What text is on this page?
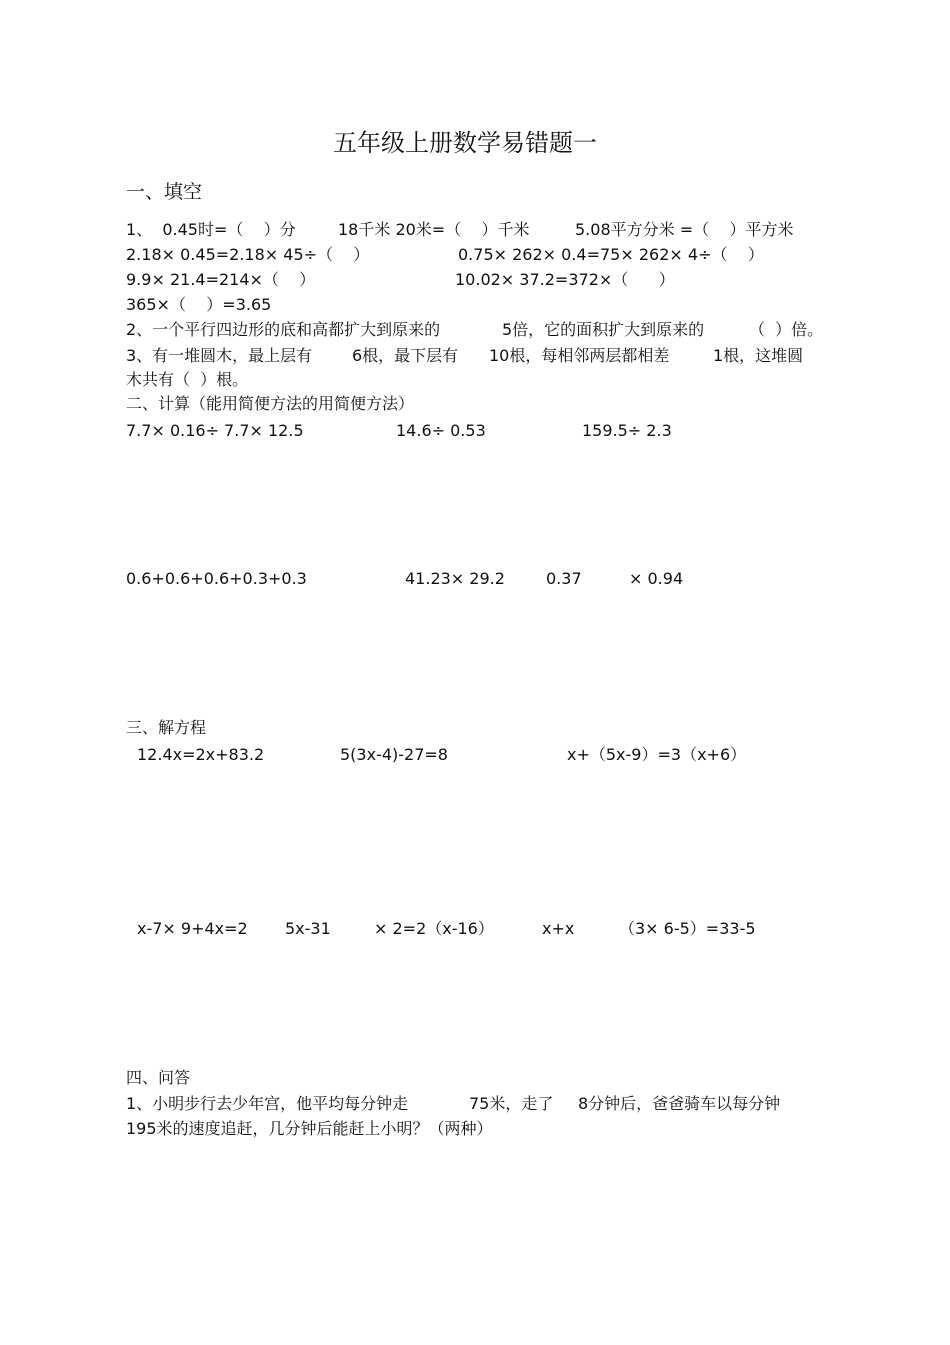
五年级上册数学易错题一
一、填空
1、  0.45时=（    ）分	18千米 20米=（    ）千米	5.08平方分米 =（    ）平方米
2.18× 0.45=2.18× 45÷（    ）	0.75× 262× 0.4=75× 262× 4÷（    ）
9.9× 21.4=214×（    ）	10.02× 37.2=372×（      ）
365×（    ）=3.65
2、一个平行四边形的底和高都扩大到原来的	5倍，它的面积扩大到原来的	（  ）倍。
3、有一堆圆木，最上层有 6根，最下层有 10根，每相邻两层都相差	1根，这堆圆
木共有（  ）根。
二、计算（能用简便方法的用简便方法）
7.7× 0.16÷ 7.7× 12.5	14.6÷ 0.53	159.5÷ 2.3
0.6+0.6+0.6+0.3+0.3	41.23× 29.2	0.37	× 0.94
三、解方程
12.4x=2x+83.2	5(3x-4)-27=8	x+（5x-9）=3（x+6）
x-7× 9+4x=2 5x-31	× 2=2（x-16）	x+x	（3× 6-5）=33-5
四、问答
1、小明步行去少年宫，他平均每分钟走	75米，走了 8分钟后，爸爸骑车以每分钟
195米的速度追赶，几分钟后能赶上小明？（两种）
